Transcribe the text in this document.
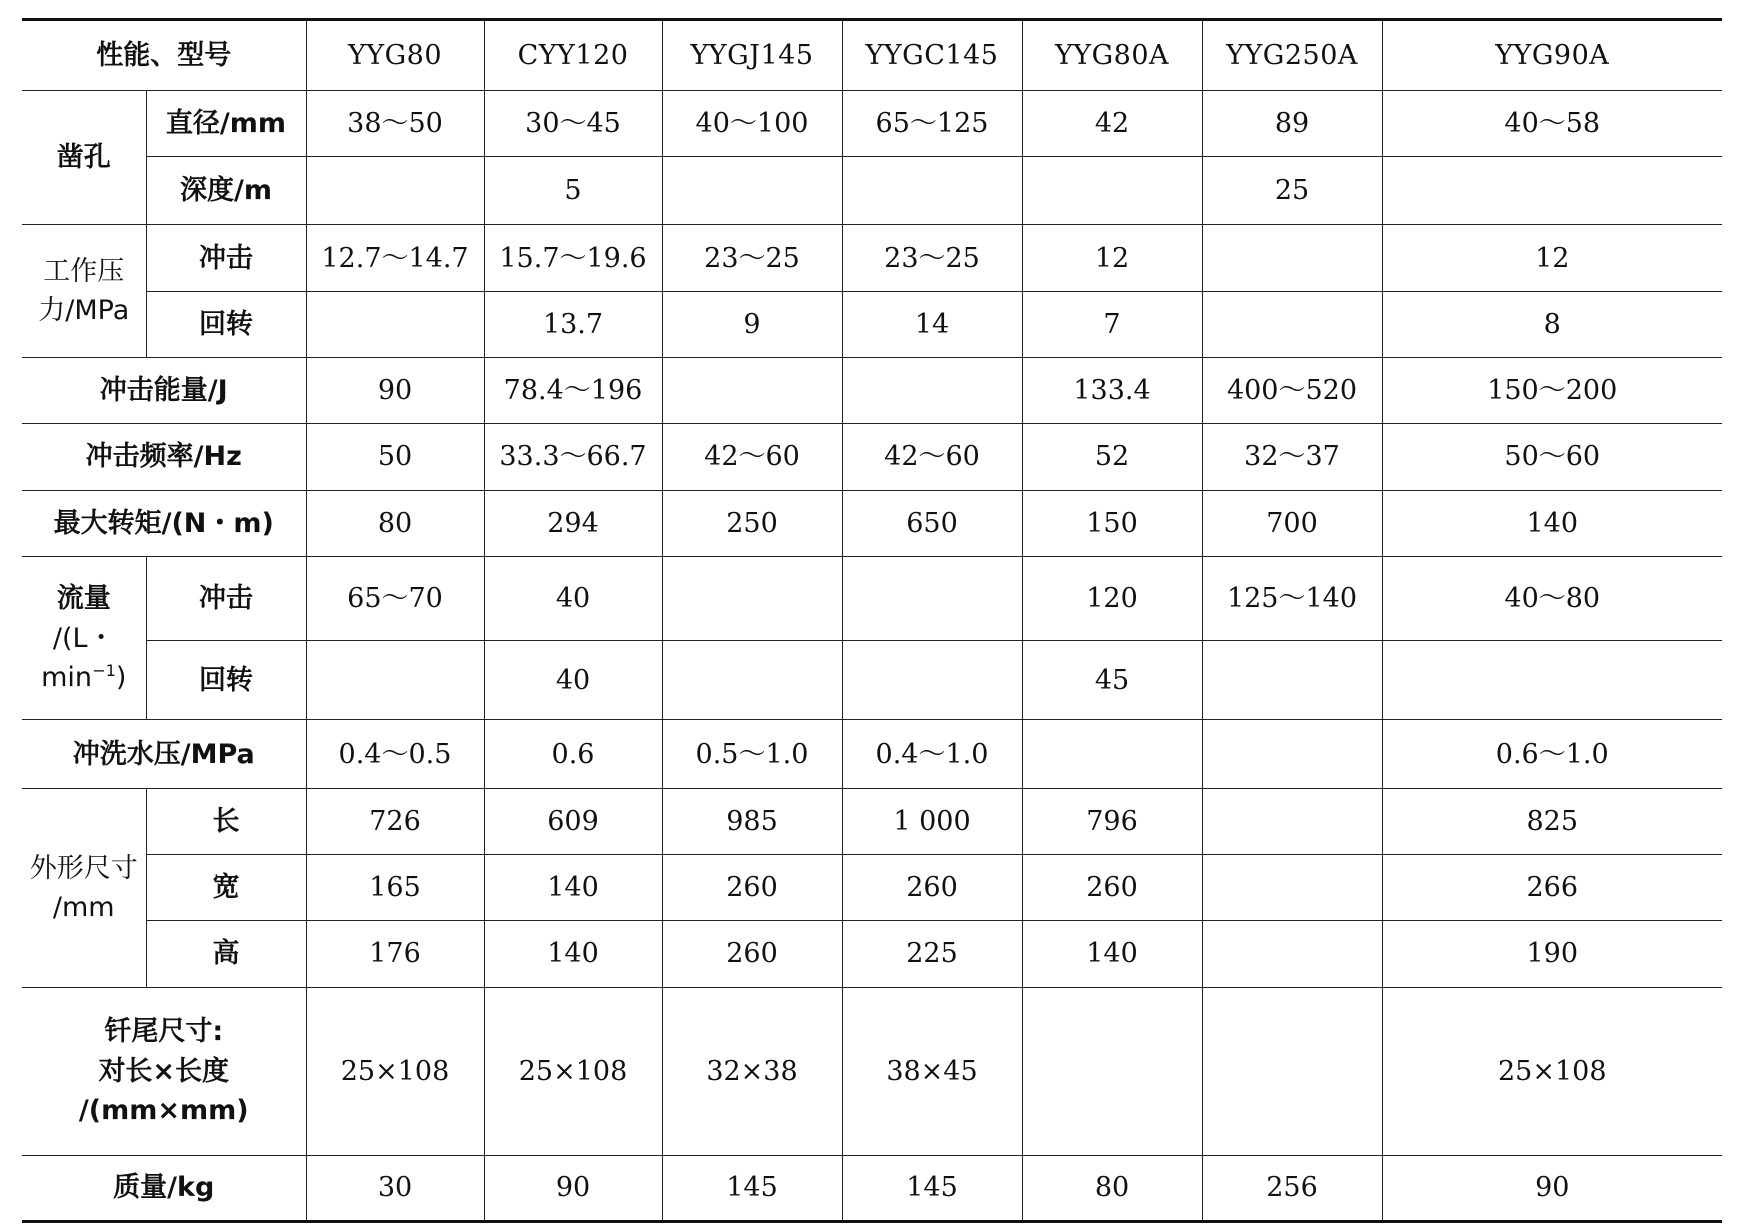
性能、型号		YYG80	CYY120	YYGJ145	YYGC145	YYG80A	YYG250A	YYG90A
凿孔	直径/mm	38～50	30～45	40～100	65～125	42	89	40～58
	深度/m		5				25	

工作压
力/MPa	冲击	12.7～14.7	15.7～19.6	23～25	23～25	12		12
	回转		13.7	9	14	7		8
冲击能量/J		90	78.4～196			133.4	400～520	150～200
冲击频率/Hz		50	33.3～66.7	42～60	42～60	52	32～37	50～60
最大转矩/(N・m)		80	294	250	650	150	700	140

流量
/(L・
$\min^{-1}$)	冲击	65～70	40			120	125～140	40～80
	回转		40			45		
冲洗水压/MPa		0.4～0.5	0.6	0.5～1.0	0.4～1.0			0.6～1.0

外形尺寸
/mm	长	726	609	985	1 000	796		825
	宽	165	140	260	260	260		266
	高	176	140	260	225	140		190

钎尾尺寸:
对长×长度
/(mm×mm)		25×108	25×108	32×38	38×45			25×108
质量/kg		30	90	145	145	80	256	90
